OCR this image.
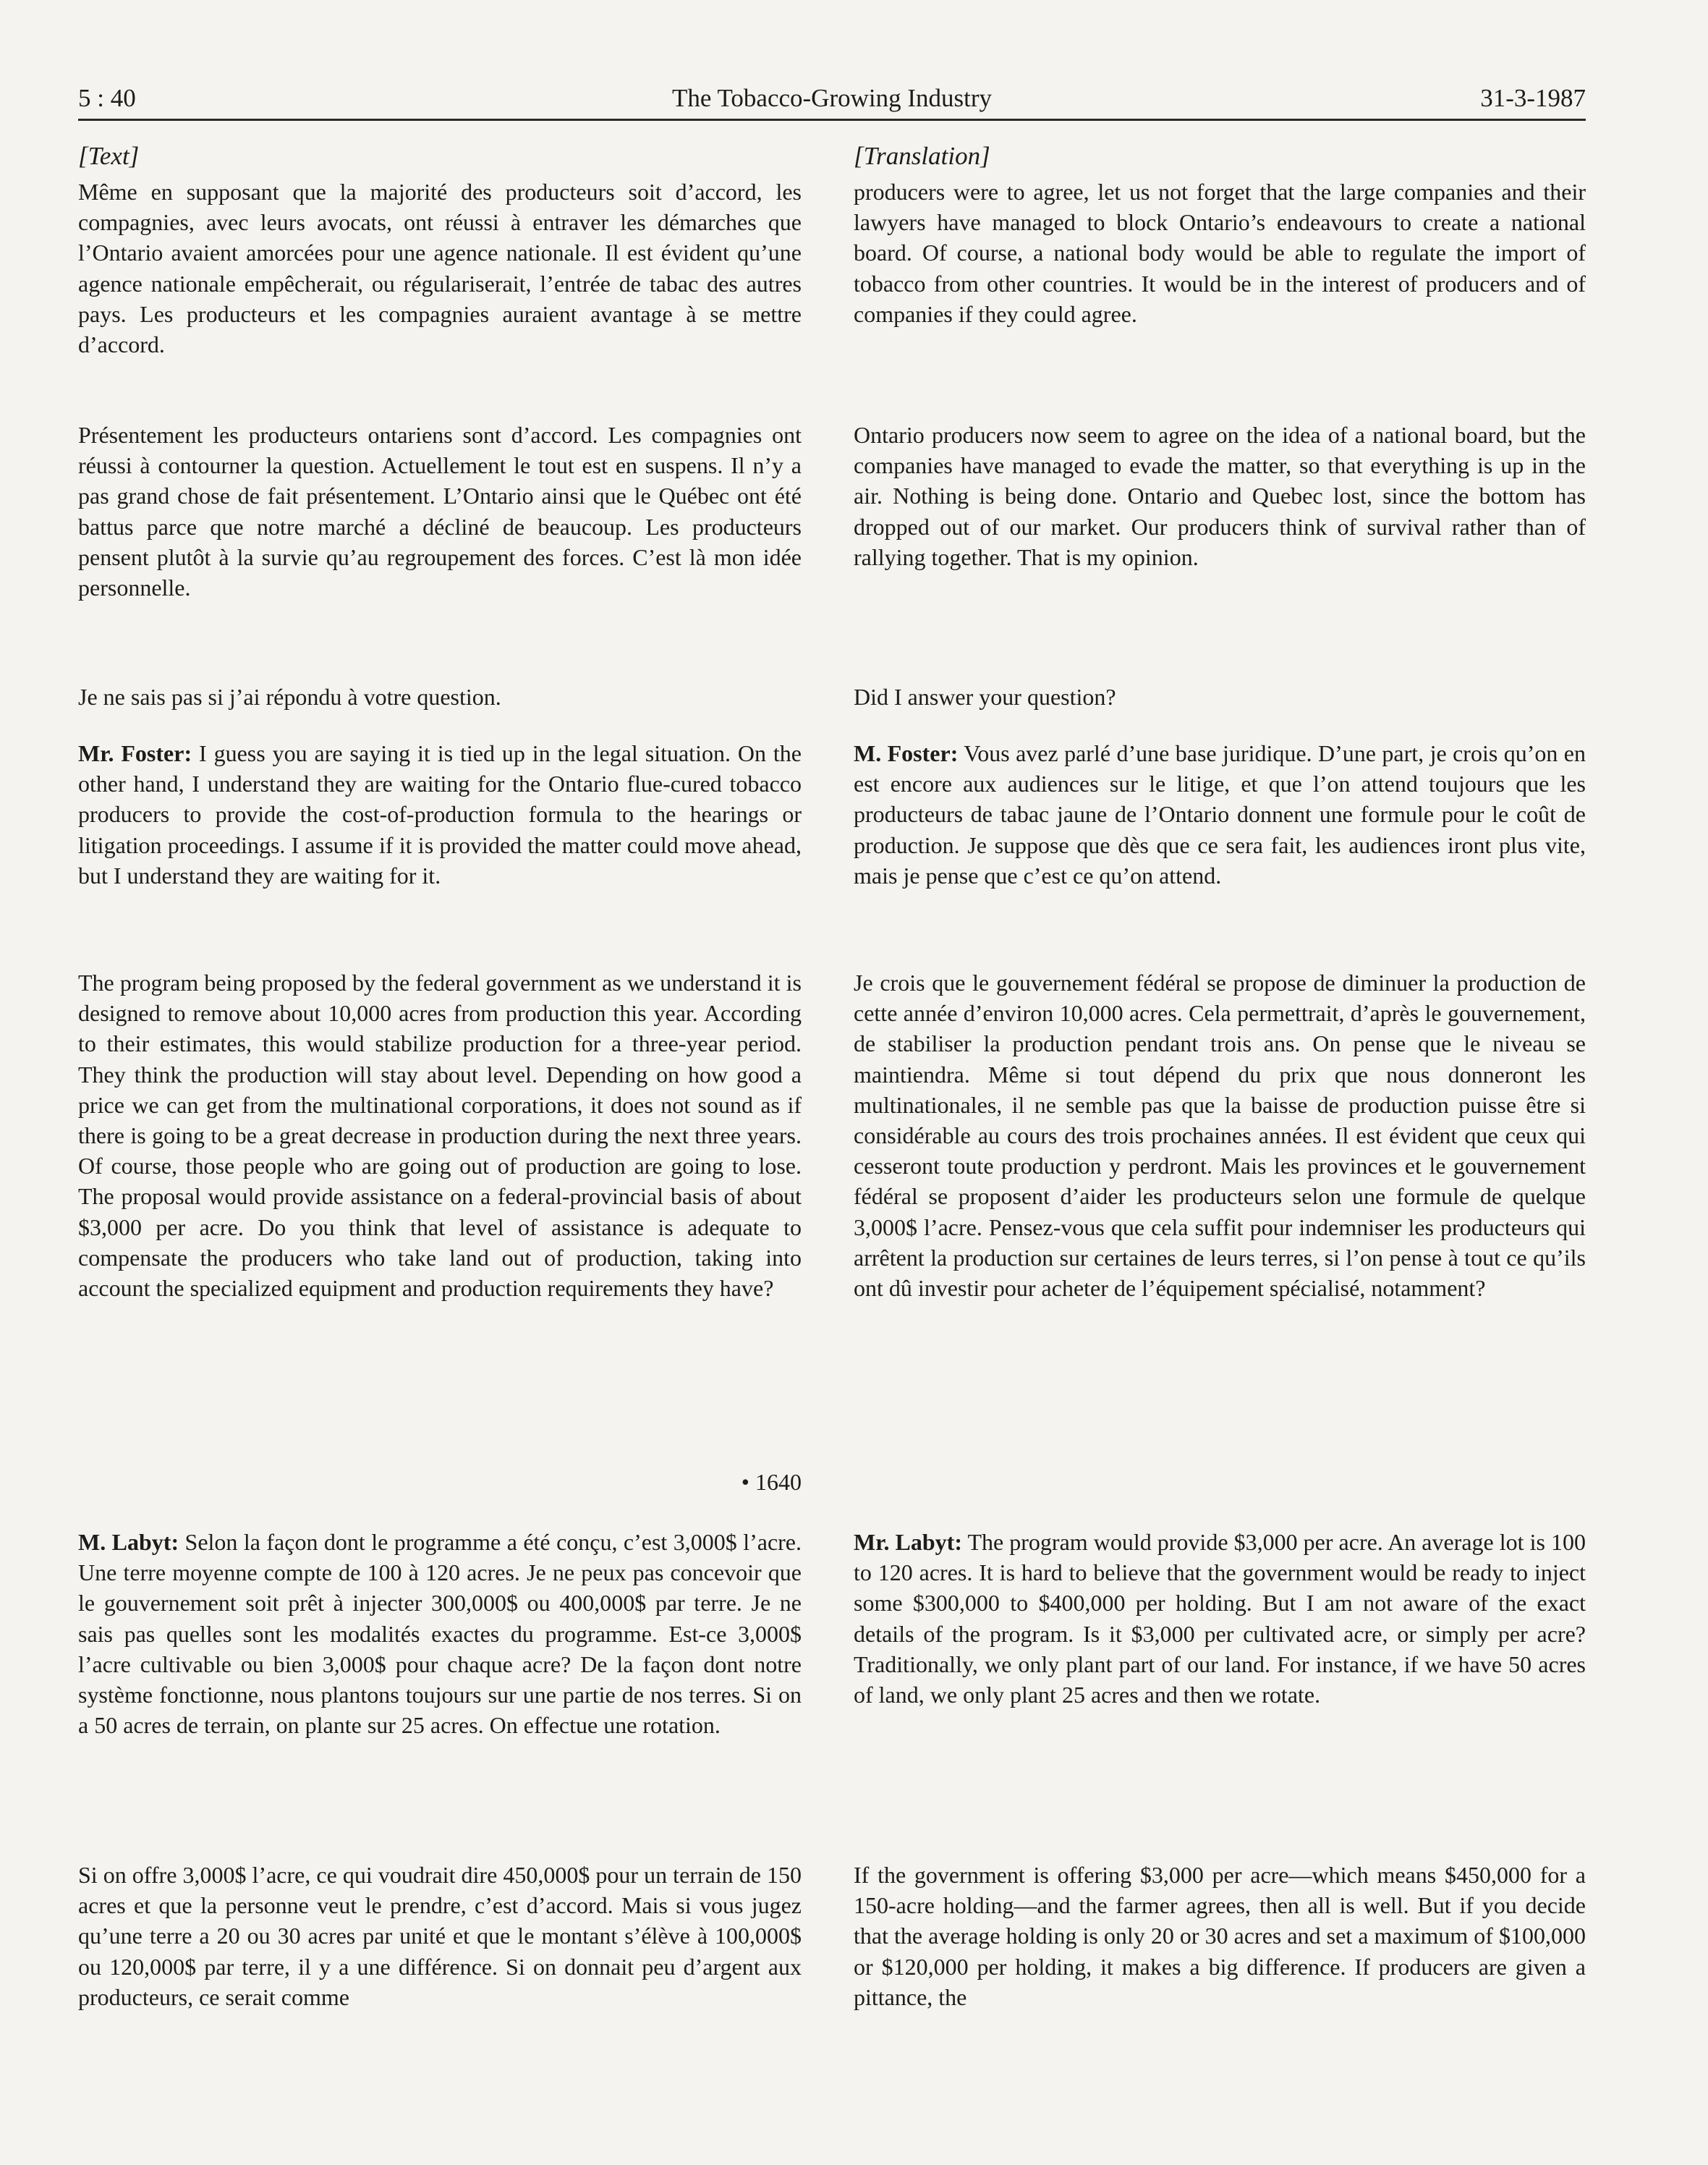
5 : 40	The Tobacco-Growing Industry	31-3-1987
[Text]

Même en supposant que la majorité des producteurs soit d’accord, les compagnies, avec leurs avocats, ont réussi à entraver les démarches que l’Ontario avaient amorcées pour une agence nationale. Il est évident qu’une agence nationale empêcherait, ou régulariserait, l’entrée de tabac des autres pays. Les producteurs et les compagnies auraient avantage à se mettre d’accord.

Présentement les producteurs ontariens sont d’accord. Les compagnies ont réussi à contourner la question. Actuellement le tout est en suspens. Il n’y a pas grand chose de fait présentement. L’Ontario ainsi que le Québec ont été battus parce que notre marché a décliné de beaucoup. Les producteurs pensent plutôt à la survie qu’au regroupement des forces. C’est là mon idée personnelle.

Je ne sais pas si j’ai répondu à votre question.

Mr. Foster: I guess you are saying it is tied up in the legal situation. On the other hand, I understand they are waiting for the Ontario flue-cured tobacco producers to provide the cost-of-production formula to the hearings or litigation proceedings. I assume if it is provided the matter could move ahead, but I understand they are waiting for it.

The program being proposed by the federal government as we understand it is designed to remove about 10,000 acres from production this year. According to their estimates, this would stabilize production for a three-year period. They think the production will stay about level. Depending on how good a price we can get from the multinational corporations, it does not sound as if there is going to be a great decrease in production during the next three years. Of course, those people who are going out of production are going to lose. The proposal would provide assistance on a federal-provincial basis of about $3,000 per acre. Do you think that level of assistance is adequate to compensate the producers who take land out of production, taking into account the specialized equipment and production requirements they have?

• 1640

M. Labyt: Selon la façon dont le programme a été conçu, c’est 3,000$ l’acre. Une terre moyenne compte de 100 à 120 acres. Je ne peux pas concevoir que le gouvernement soit prêt à injecter 300,000$ ou 400,000$ par terre. Je ne sais pas quelles sont les modalités exactes du programme. Est-ce 3,000$ l’acre cultivable ou bien 3,000$ pour chaque acre? De la façon dont notre système fonctionne, nous plantons toujours sur une partie de nos terres. Si on a 50 acres de terrain, on plante sur 25 acres. On effectue une rotation.

Si on offre 3,000$ l’acre, ce qui voudrait dire 450,000$ pour un terrain de 150 acres et que la personne veut le prendre, c’est d’accord. Mais si vous jugez qu’une terre a 20 ou 30 acres par unité et que le montant s’élève à 100,000$ ou 120,000$ par terre, il y a une différence. Si on donnait peu d’argent aux producteurs, ce serait comme

[Translation]

producers were to agree, let us not forget that the large companies and their lawyers have managed to block Ontario’s endeavours to create a national board. Of course, a national body would be able to regulate the import of tobacco from other countries. It would be in the interest of producers and of companies if they could agree.

Ontario producers now seem to agree on the idea of a national board, but the companies have managed to evade the matter, so that everything is up in the air. Nothing is being done. Ontario and Quebec lost, since the bottom has dropped out of our market. Our producers think of survival rather than of rallying together. That is my opinion.

Did I answer your question?

M. Foster: Vous avez parlé d’une base juridique. D’une part, je crois qu’on en est encore aux audiences sur le litige, et que l’on attend toujours que les producteurs de tabac jaune de l’Ontario donnent une formule pour le coût de production. Je suppose que dès que ce sera fait, les audiences iront plus vite, mais je pense que c’est ce qu’on attend.

Je crois que le gouvernement fédéral se propose de diminuer la production de cette année d’environ 10,000 acres. Cela permettrait, d’après le gouvernement, de stabiliser la production pendant trois ans. On pense que le niveau se maintiendra. Même si tout dépend du prix que nous donneront les multinationales, il ne semble pas que la baisse de production puisse être si considérable au cours des trois prochaines années. Il est évident que ceux qui cesseront toute production y perdront. Mais les provinces et le gouvernement fédéral se proposent d’aider les producteurs selon une formule de quelque 3,000$ l’acre. Pensez-vous que cela suffit pour indemniser les producteurs qui arrêtent la production sur certaines de leurs terres, si l’on pense à tout ce qu’ils ont dû investir pour acheter de l’équipement spécialisé, notamment?

Mr. Labyt: The program would provide $3,000 per acre. An average lot is 100 to 120 acres. It is hard to believe that the government would be ready to inject some $300,000 to $400,000 per holding. But I am not aware of the exact details of the program. Is it $3,000 per cultivated acre, or simply per acre? Traditionally, we only plant part of our land. For instance, if we have 50 acres of land, we only plant 25 acres and then we rotate.

If the government is offering $3,000 per acre—which means $450,000 for a 150-acre holding—and the farmer agrees, then all is well. But if you decide that the average holding is only 20 or 30 acres and set a maximum of $100,000 or $120,000 per holding, it makes a big difference. If producers are given a pittance, the
